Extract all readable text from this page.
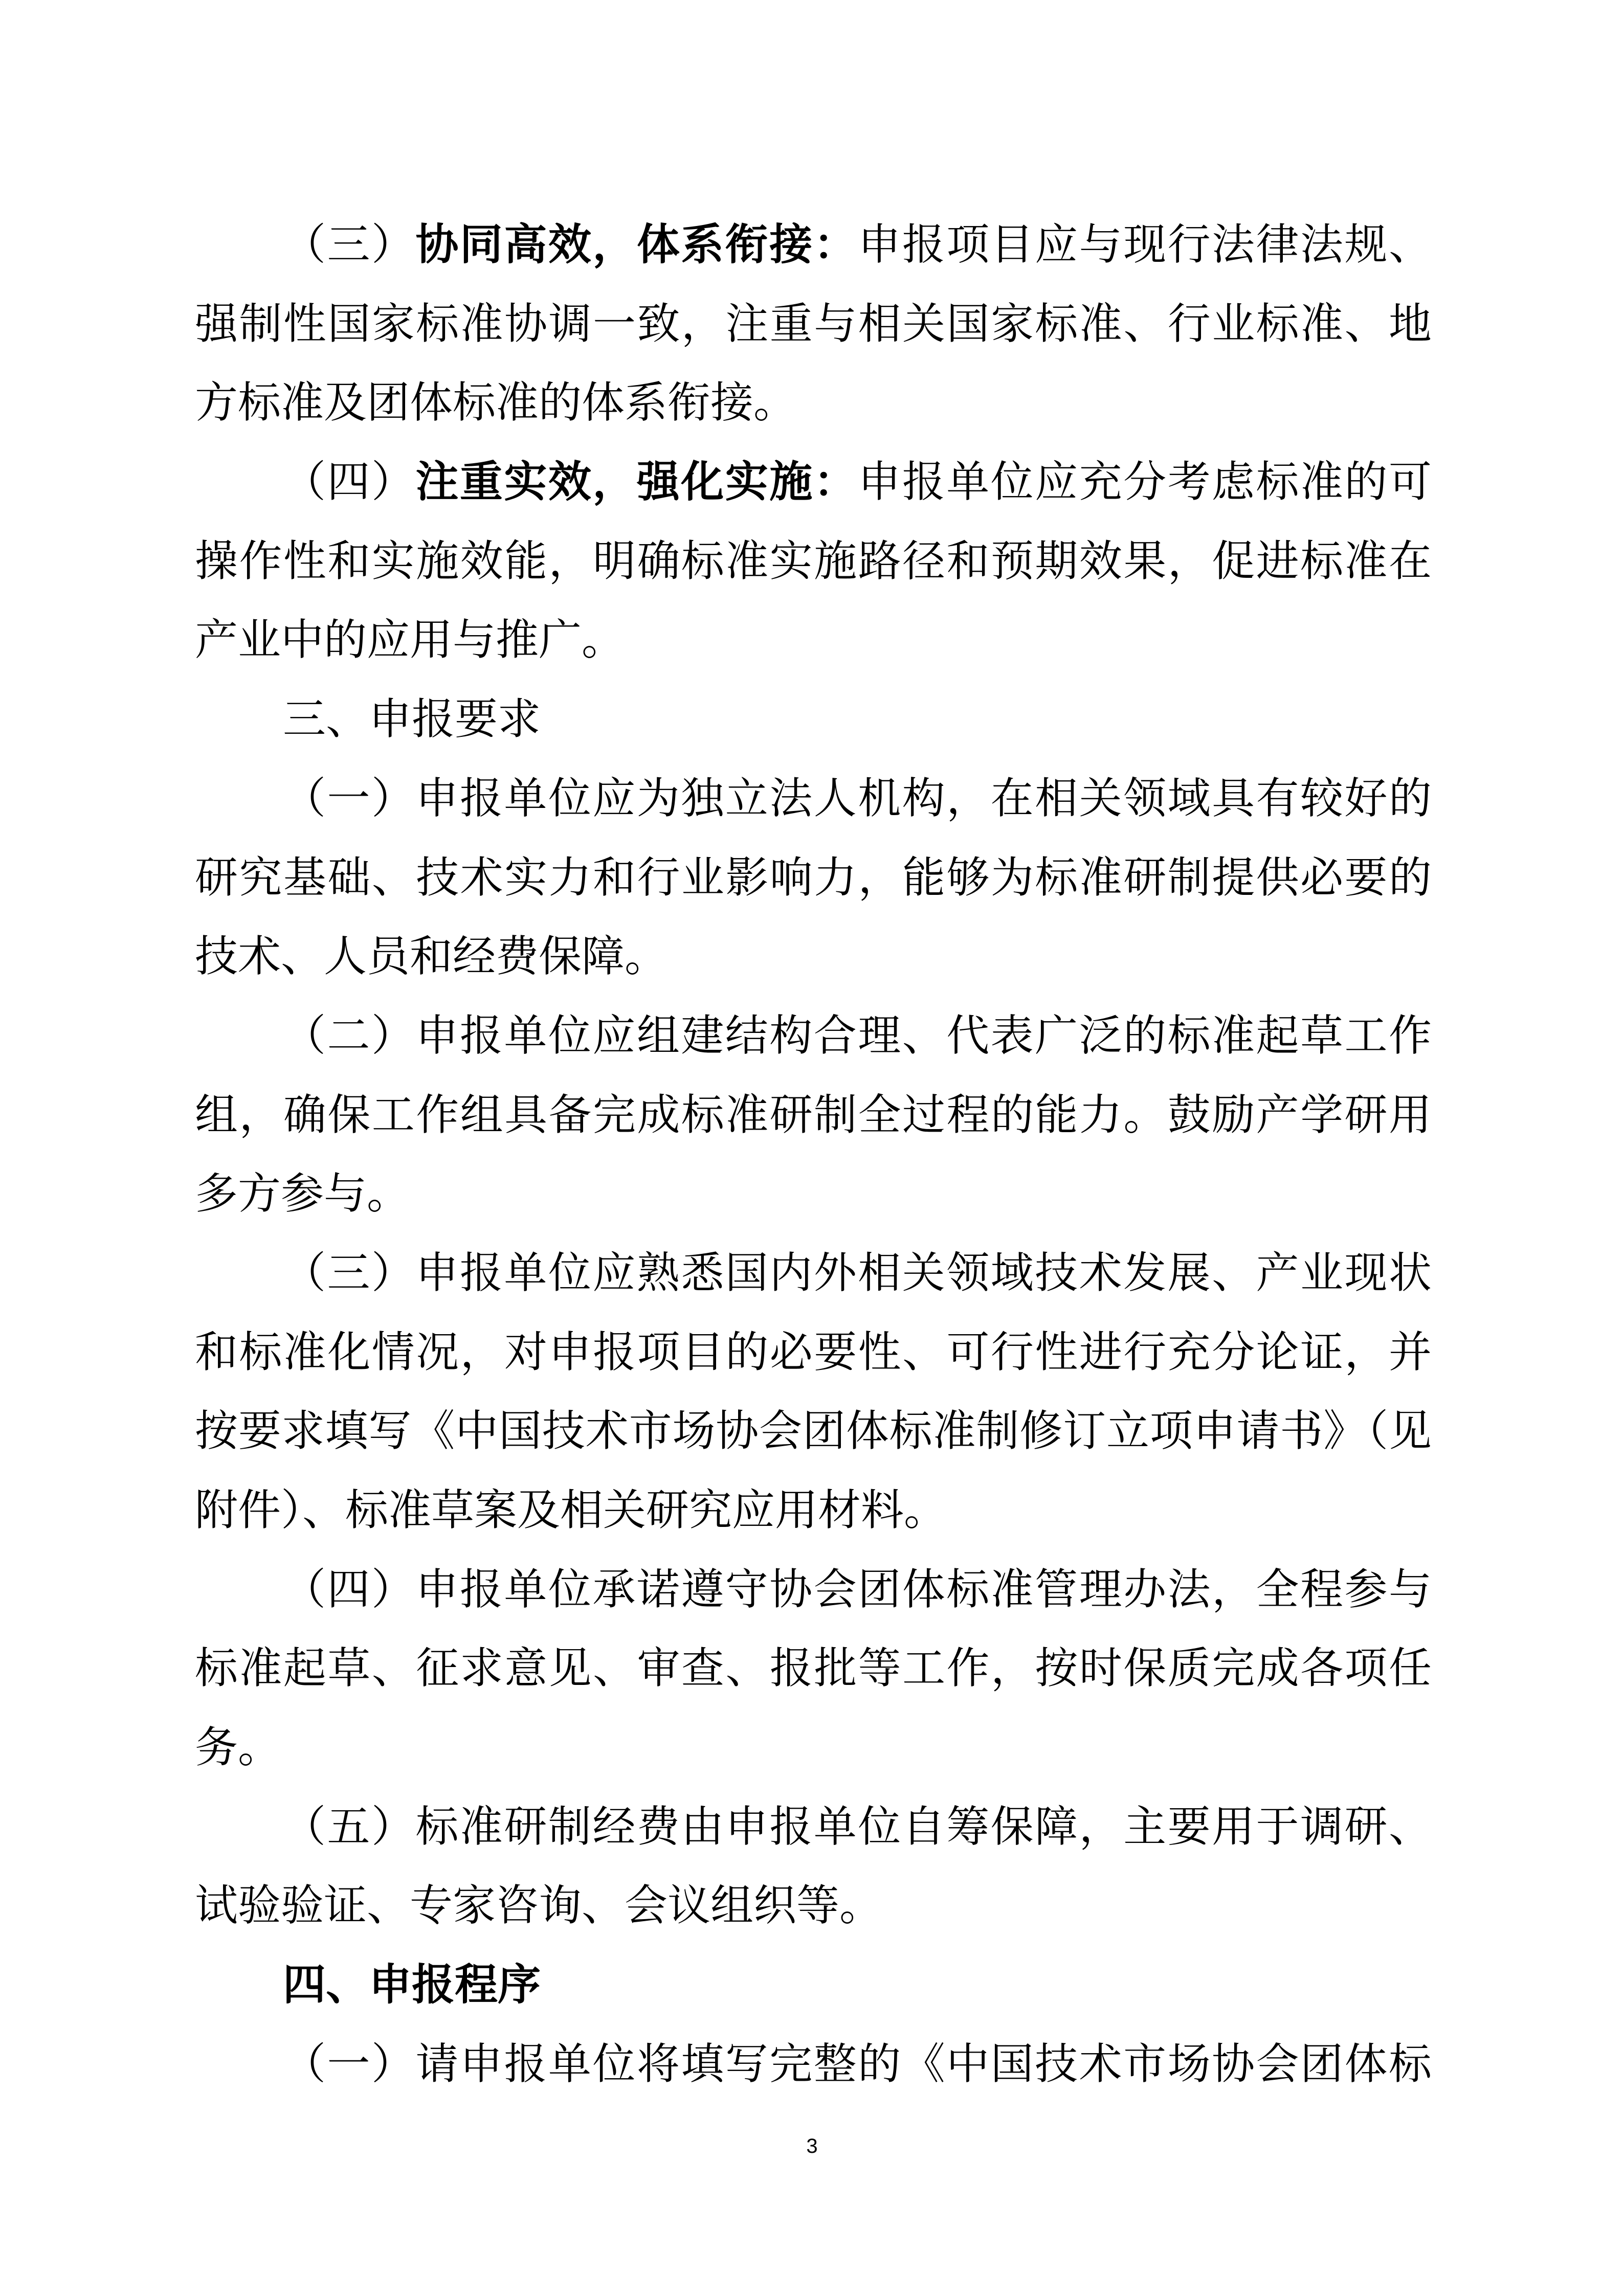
（三）协同高效，体系衔接：申报项目应与现行法律法规、
强制性国家标准协调一致，注重与相关国家标准、行业标准、地
方标准及团体标准的体系衔接。
（四）注重实效，强化实施：申报单位应充分考虑标准的可
操作性和实施效能，明确标准实施路径和预期效果，促进标准在
产业中的应用与推广。
三、申报要求
（一）申报单位应为独立法人机构，在相关领域具有较好的
研究基础、技术实力和行业影响力，能够为标准研制提供必要的
技术、人员和经费保障。
（二）申报单位应组建结构合理、代表广泛的标准起草工作
组，确保工作组具备完成标准研制全过程的能力。鼓励产学研用
多方参与。
（三）申报单位应熟悉国内外相关领域技术发展、产业现状
和标准化情况，对申报项目的必要性、可行性进行充分论证，并
按要求填写《中国技术市场协会团体标准制修订立项申请书》（见
附件）、标准草案及相关研究应用材料。
（四）申报单位承诺遵守协会团体标准管理办法，全程参与
标准起草、征求意见、审查、报批等工作，按时保质完成各项任
务。
（五）标准研制经费由申报单位自筹保障，主要用于调研、
试验验证、专家咨询、会议组织等。
四、申报程序
（一）请申报单位将填写完整的《中国技术市场协会团体标
3
